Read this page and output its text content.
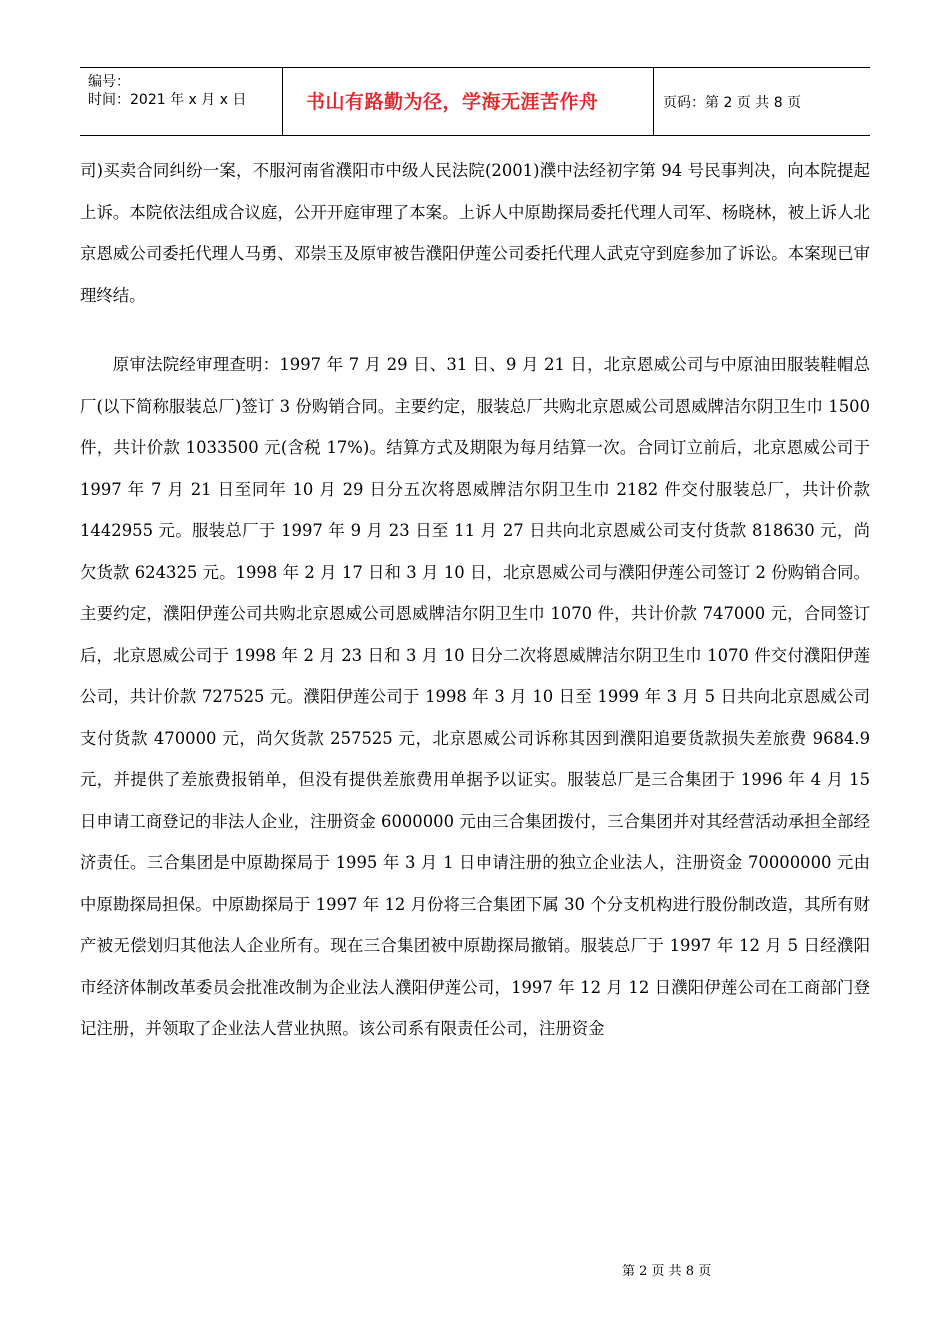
编号：
时间：2021 年 x 月 x 日	书山有路勤为径，学海无涯苦作舟	页码：第 2 页 共 8 页

司)买卖合同纠纷一案，不服河南省濮阳市中级人民法院(2001)濮中法经初字第 94 号民事判决，向本院提起上诉。本院依法组成合议庭，公开开庭审理了本案。上诉人中原勘探局委托代理人司军、杨晓林，被上诉人北京恩威公司委托代理人马勇、邓崇玉及原审被告濮阳伊莲公司委托代理人武克守到庭参加了诉讼。本案现已审理终结。

原审法院经审理查明：1997 年 7 月 29 日、31 日、9 月 21 日，北京恩威公司与中原油田服装鞋帽总厂(以下简称服装总厂)签订 3 份购销合同。主要约定，服装总厂共购北京恩威公司恩威牌洁尔阴卫生巾 1500 件，共计价款 1033500 元(含税 17%)。结算方式及期限为每月结算一次。合同订立前后，北京恩威公司于 1997 年 7 月 21 日至同年 10 月 29 日分五次将恩威牌洁尔阴卫生巾 2182 件交付服装总厂，共计价款 1442955 元。服装总厂于 1997 年 9 月 23 日至 11 月 27 日共向北京恩威公司支付货款 818630 元，尚欠货款 624325 元。1998 年 2 月 17 日和 3 月 10 日，北京恩威公司与濮阳伊莲公司签订 2 份购销合同。主要约定，濮阳伊莲公司共购北京恩威公司恩威牌洁尔阴卫生巾 1070 件，共计价款 747000 元，合同签订后，北京恩威公司于 1998 年 2 月 23 日和 3 月 10 日分二次将恩威牌洁尔阴卫生巾 1070 件交付濮阳伊莲公司，共计价款 727525 元。濮阳伊莲公司于 1998 年 3 月 10 日至 1999 年 3 月 5 日共向北京恩威公司支付货款 470000 元，尚欠货款 257525 元，北京恩威公司诉称其因到濮阳追要货款损失差旅费 9684.9 元，并提供了差旅费报销单，但没有提供差旅费用单据予以证实。服装总厂是三合集团于 1996 年 4 月 15 日申请工商登记的非法人企业，注册资金 6000000 元由三合集团拨付，三合集团并对其经营活动承担全部经济责任。三合集团是中原勘探局于 1995 年 3 月 1 日申请注册的独立企业法人，注册资金 70000000 元由中原勘探局担保。中原勘探局于 1997 年 12 月份将三合集团下属 30 个分支机构进行股份制改造，其所有财产被无偿划归其他法人企业所有。现在三合集团被中原勘探局撤销。服装总厂于 1997 年 12 月 5 日经濮阳市经济体制改革委员会批准改制为企业法人濮阳伊莲公司，1997 年 12 月 12 日濮阳伊莲公司在工商部门登记注册，并领取了企业法人营业执照。该公司系有限责任公司，注册资金

第 2 页 共 8 页
